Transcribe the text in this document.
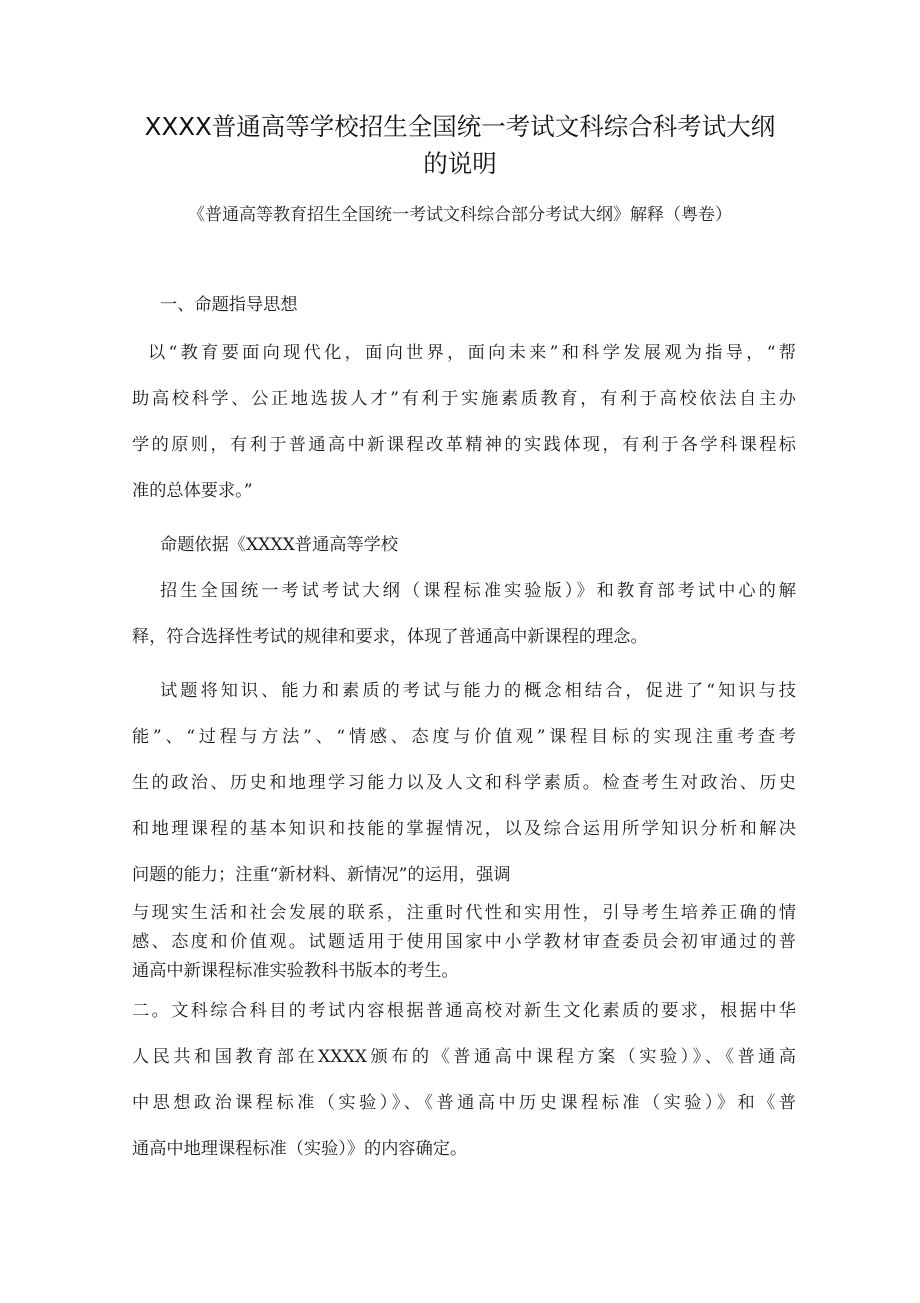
XXXX普通高等学校招生全国统一考试文科综合科考试大纲
的说明
《普通高等教育招生全国统一考试文科综合部分考试大纲》解释（粤卷）
一、命题指导思想
以“教育要面向现代化，面向世界，面向未来”和科学发展观为指导，“帮
助高校科学、公正地选拔人才”有利于实施素质教育，有利于高校依法自主办
学的原则，有利于普通高中新课程改革精神的实践体现，有利于各学科课程标
准的总体要求。”
命题依据《XXXX普通高等学校
招生全国统一考试考试大纲（课程标准实验版）》和教育部考试中心的解
释，符合选择性考试的规律和要求，体现了普通高中新课程的理念。
试题将知识、能力和素质的考试与能力的概念相结合，促进了“知识与技
能”、“过程与方法”、“情感、态度与价值观”课程目标的实现注重考查考
生的政治、历史和地理学习能力以及人文和科学素质。检查考生对政治、历史
和地理课程的基本知识和技能的掌握情况，以及综合运用所学知识分析和解决
问题的能力；注重“新材料、新情况”的运用，强调
与现实生活和社会发展的联系，注重时代性和实用性，引导考生培养正确的情
感、态度和价值观。试题适用于使用国家中小学教材审查委员会初审通过的普
通高中新课程标准实验教科书版本的考生。
二。文科综合科目的考试内容根据普通高校对新生文化素质的要求，根据中华
人民共和国教育部在XXXX颁布的《普通高中课程方案（实验）》、《普通高
中思想政治课程标准（实验）》、《普通高中历史课程标准（实验）》和《普
通高中地理课程标准（实验）》的内容确定。
